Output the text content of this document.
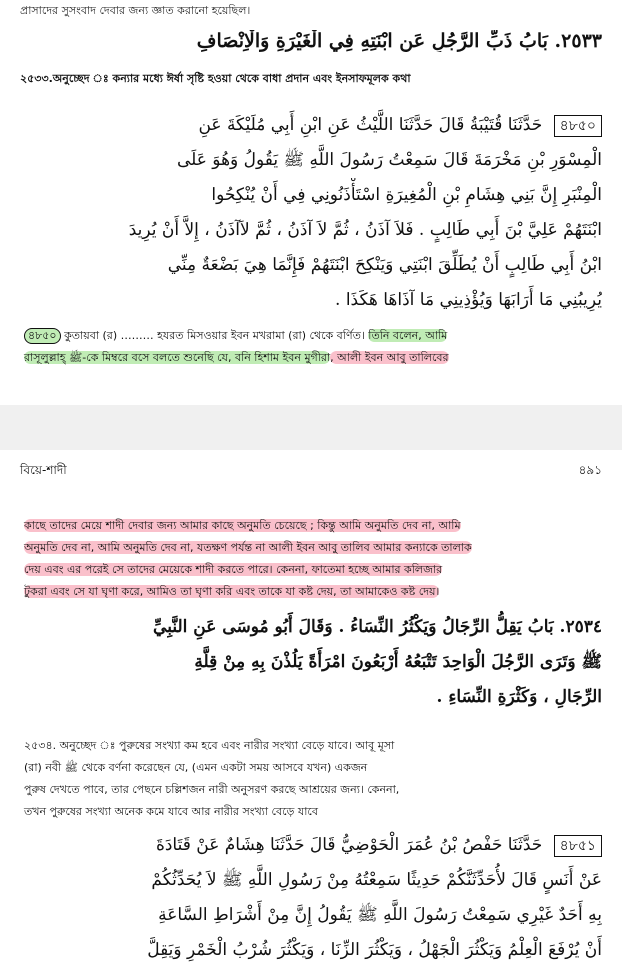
প্রাসাদের সুসংবাদ দেবার জন্য জ্ঞাত করানো হয়েছিল।
٢٥٣٣. بَابُ ذَبِّ الرَّجُلِ عَنِ ابْنَتِهِ فِي الْغَيْرَةِ وَالْاِنْصَافِ
২৫৩৩.অনুচ্ছেদ ঃ কন্যার মধ্যে ঈর্ষা সৃষ্টি হওয়া থেকে বাধা প্রদান এবং ইনসাফমূলক কথা
৪৮৫০ حَدَّثَنَا قُتَيْبَةُ قَالَ حَدَّثَنَا اللَّيْثُ عَنِ ابْنِ أَبِي مُلَيْكَةَ عَنِ
الْمِسْوَرِ بْنِ مَخْرَمَةَ قَالَ سَمِعْتُ رَسُولَ اللَّهِ ﷺ يَقُولُ وَهُوَ عَلَى
الْمِنْبَرِ إِنَّ بَنِي هِشَامِ بْنِ الْمُغِيرَةِ اسْتَأْذَنُونِي فِي أَنْ يُنْكِحُوا
ابْنَتَهُمْ عَلِيَّ بْنَ أَبِي طَالِبٍ . فَلاَ آذَنُ ، ثُمَّ لاَ آذَنُ ، ثُمَّ لاَآذَنُ ، إِلاَّ أَنْ يُرِيدَ
ابْنُ أَبِي طَالِبٍ أَنْ يُطَلِّقَ ابْنَتِي وَيَنْكِحَ ابْنَتَهُمْ فَإِنَّمَا هِيَ بَضْعَةٌ مِنِّي
يُرِيبُنِي مَا أَرَابَهَا وَيُؤْذِينِي مَا آذَاهَا هَكَذَا .
৪৮৫০ কুতায়বা (র) ……… হযরত মিসওয়ার ইবন মখরামা (রা) থেকে বর্ণিত। তিনি বলেন, আমি
রাসূলুল্লাহ্ ﷺ-কে মিম্বরে বসে বলতে শুনেছি যে, বনি হিশাম ইবন মুগীরা, আলী ইবন আবু তালিবের
বিয়ে-শাদী	৪৯১
কাছে তাদের মেয়ে শাদী দেবার জন্য আমার কাছে অনুমতি চেয়েছে ; কিন্তু আমি অনুমতি দেব না, আমি
অনুমতি দেব না, আমি অনুমতি দেব না, যতক্ষণ পর্যন্ত না আলী ইবন আবু তালিব আমার কন্যাকে তালাক
দেয় এবং এর পরেই সে তাদের মেয়েকে শাদী করতে পারে। কেননা, ফাতেমা হচ্ছে আমার কলিজার
টুকরা এবং সে যা ঘৃণা করে, আমিও তা ঘৃণা করি এবং তাকে যা কষ্ট দেয়, তা আমাকেও কষ্ট দেয়।
٢٥٣٤. بَابُ يَقِلُّ الرِّجَالُ وَيَكْثُرُ النِّسَاءُ . وَقَالَ أَبُو مُوسَى عَنِ النَّبِيِّ
ﷺ وَتَرَى الرَّجُلَ الْوَاحِدَ تَتْبَعُهُ أَرْبَعُونَ امْرَأَةً يَلُذْنَ بِهِ مِنْ قِلَّةِ
الرِّجَالِ ، وَكَثْرَةِ النِّسَاءِ .
২৫৩৪. অনুচ্ছেদ ঃ পুরুষের সংখ্যা কম হবে এবং নারীর সংখ্যা বেড়ে যাবে। আবূ মূসা
(রা) নবী ﷺ থেকে বর্ণনা করেছেন যে, (এমন একটা সময় আসবে যখন) একজন
পুরুষ দেখতে পাবে, তার পেছনে চল্লিশজন নারী অনুসরণ করছে আশ্রয়ের জন্য। কেননা,
তখন পুরুষের সংখ্যা অনেক কমে যাবে আর নারীর সংখ্যা বেড়ে যাবে
৪৮৫১ حَدَّثَنَا حَفْصُ بْنُ عُمَرَ الْحَوْضِيُّ قَالَ حَدَّثَنَا هِشَامٌ عَنْ قَتَادَةَ
عَنْ أَنَسٍ قَالَ لأُحَدِّثَنَّكُمْ حَدِيثًا سَمِعْتُهُ مِنْ رَسُولِ اللَّهِ ﷺ لاَ يُحَدِّثُكُمْ
بِهِ أَحَدٌ غَيْرِي سَمِعْتُ رَسُولَ اللَّهِ ﷺ يَقُولُ إِنَّ مِنْ أَشْرَاطِ السَّاعَةِ
أَنْ يُرْفَعَ الْعِلْمُ وَيَكْثُرَ الْجَهْلُ ، وَيَكْثُرَ الزِّنَا ، وَيَكْثُرَ شُرْبُ الْخَمْرِ وَيَقِلَّ
